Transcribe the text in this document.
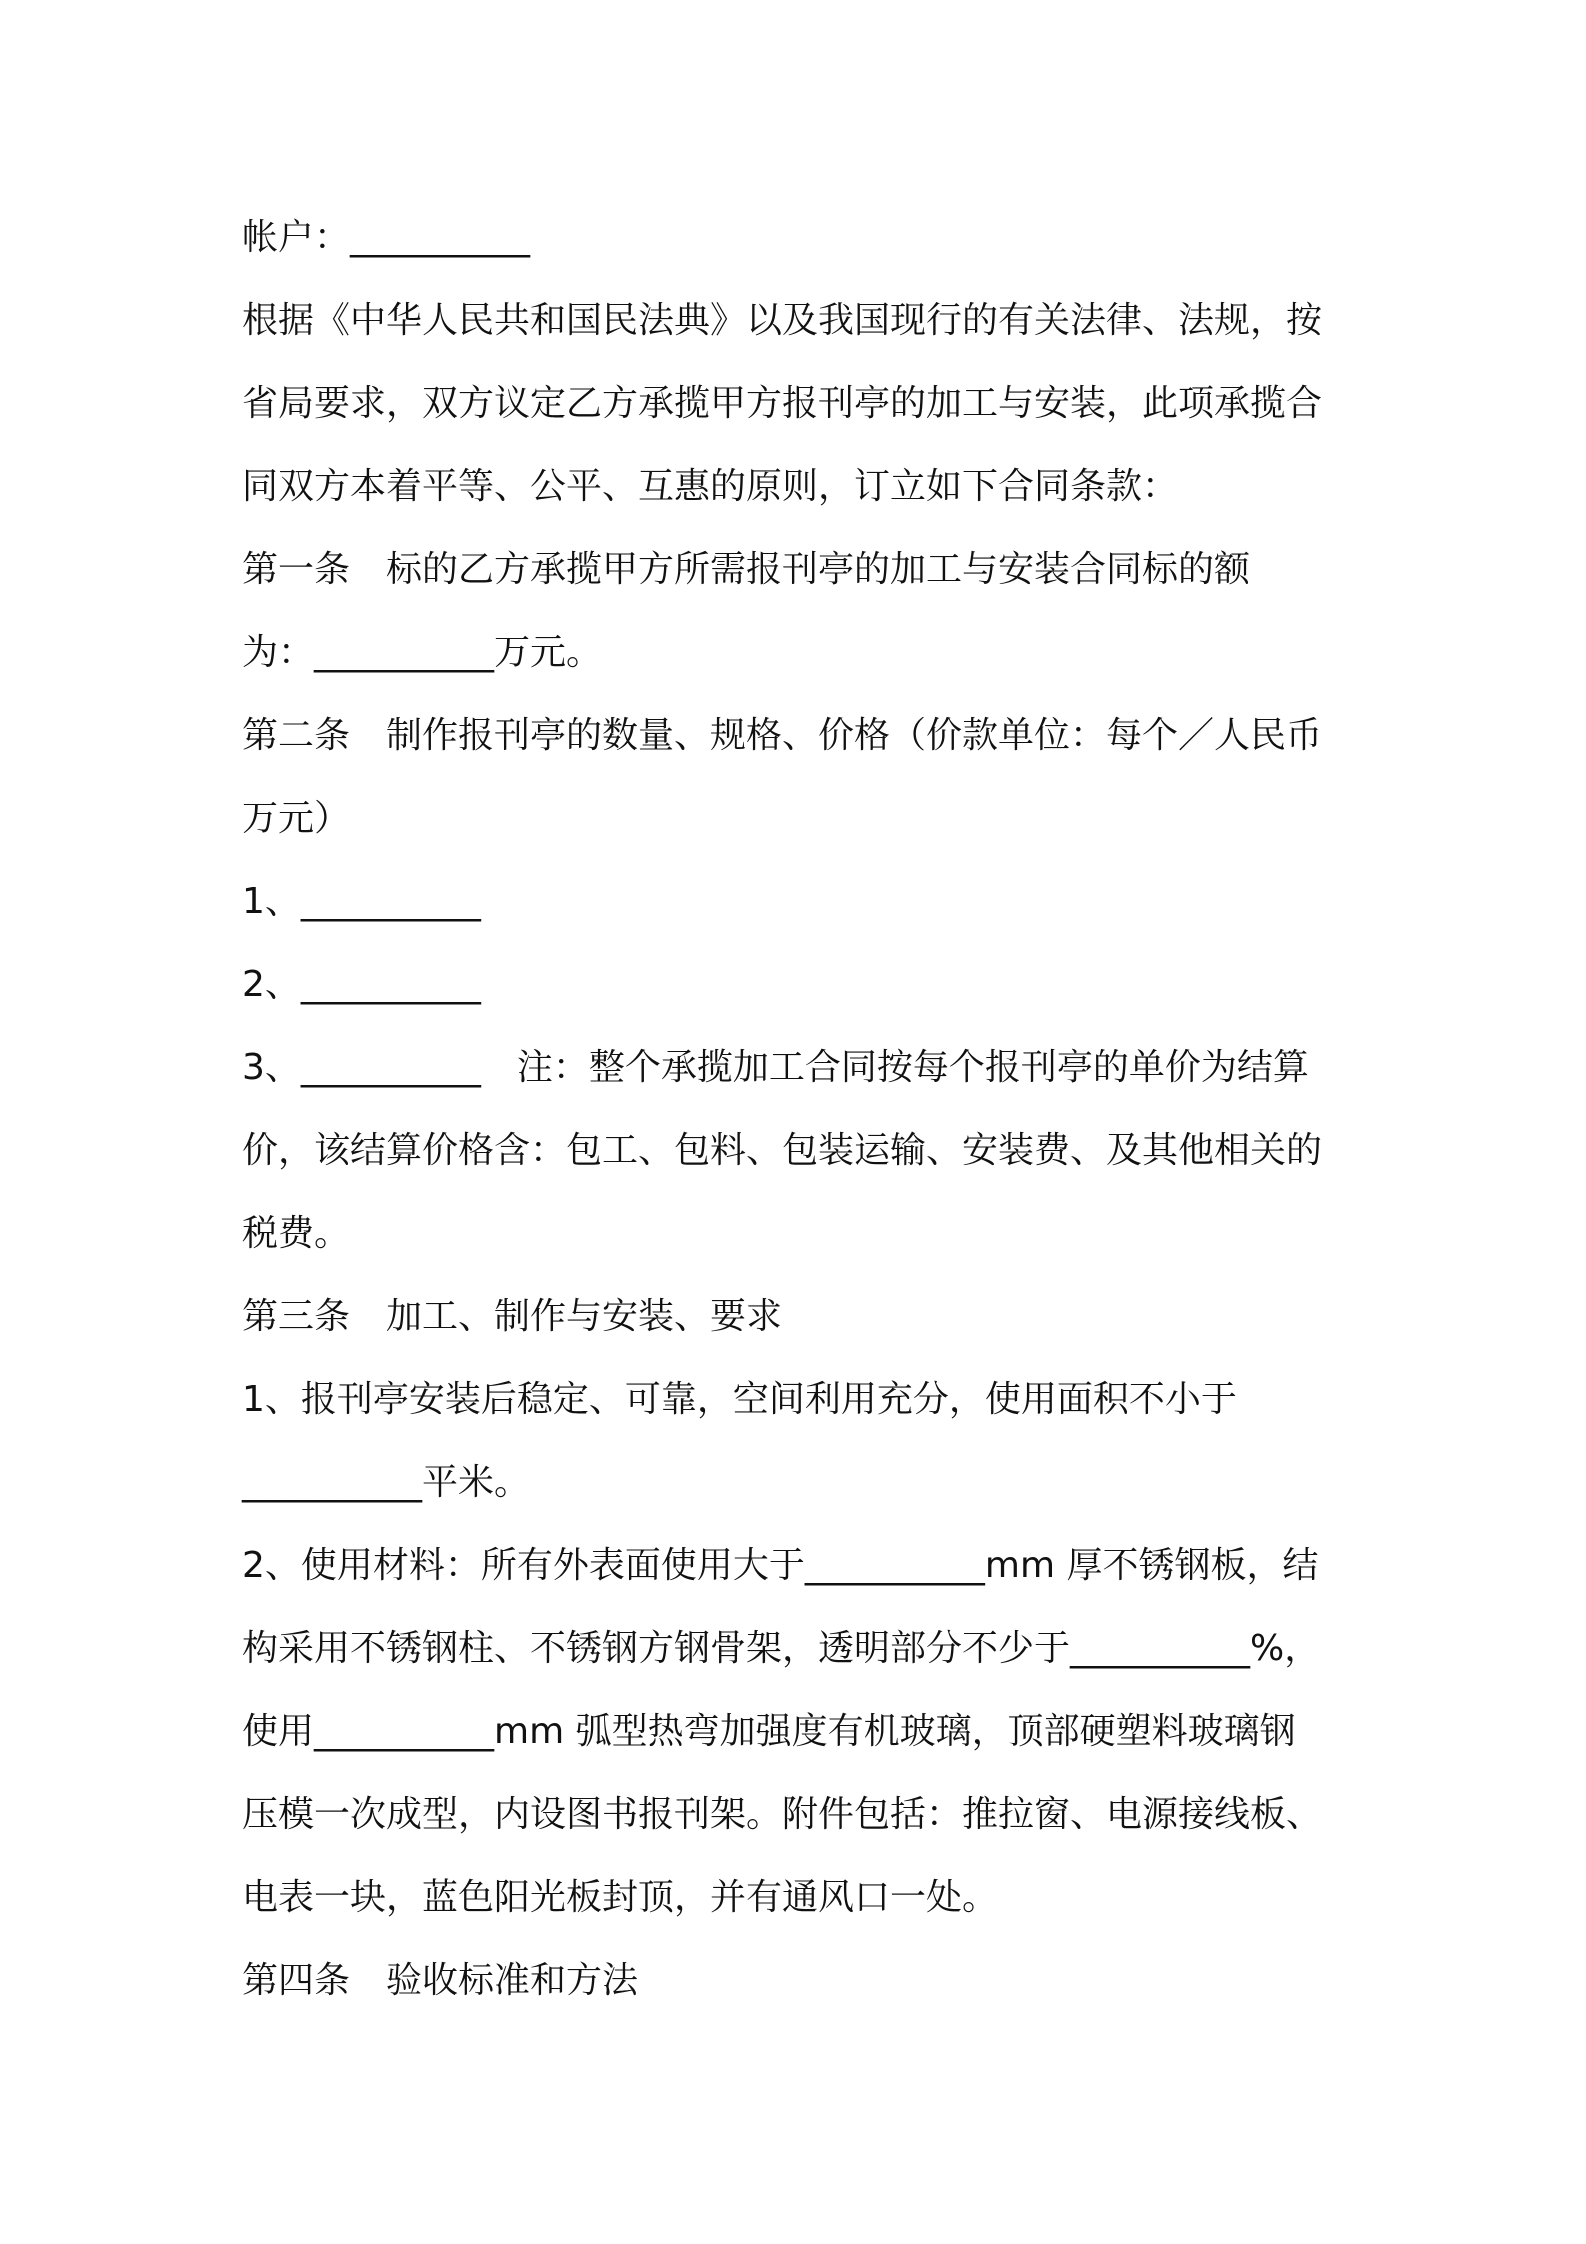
帐户：__________
根据《中华人民共和国民法典》以及我国现行的有关法律、法规，按
省局要求，双方议定乙方承揽甲方报刊亭的加工与安装，此项承揽合
同双方本着平等、公平、互惠的原则，订立如下合同条款：
第一条　标的乙方承揽甲方所需报刊亭的加工与安装合同标的额
为：__________万元。
第二条　制作报刊亭的数量、规格、价格（价款单位：每个／人民币
万元）
1、__________
2、__________
3、__________　注：整个承揽加工合同按每个报刊亭的单价为结算
价，该结算价格含：包工、包料、包装运输、安装费、及其他相关的
税费。
第三条　加工、制作与安装、要求
1、报刊亭安装后稳定、可靠，空间利用充分，使用面积不小于
__________平米。
2、使用材料：所有外表面使用大于__________mm 厚不锈钢板，结
构采用不锈钢柱、不锈钢方钢骨架，透明部分不少于__________%，
使用__________mm 弧型热弯加强度有机玻璃，顶部硬塑料玻璃钢
压模一次成型，内设图书报刊架。附件包括：推拉窗、电源接线板、
电表一块，蓝色阳光板封顶，并有通风口一处。
第四条　验收标准和方法
